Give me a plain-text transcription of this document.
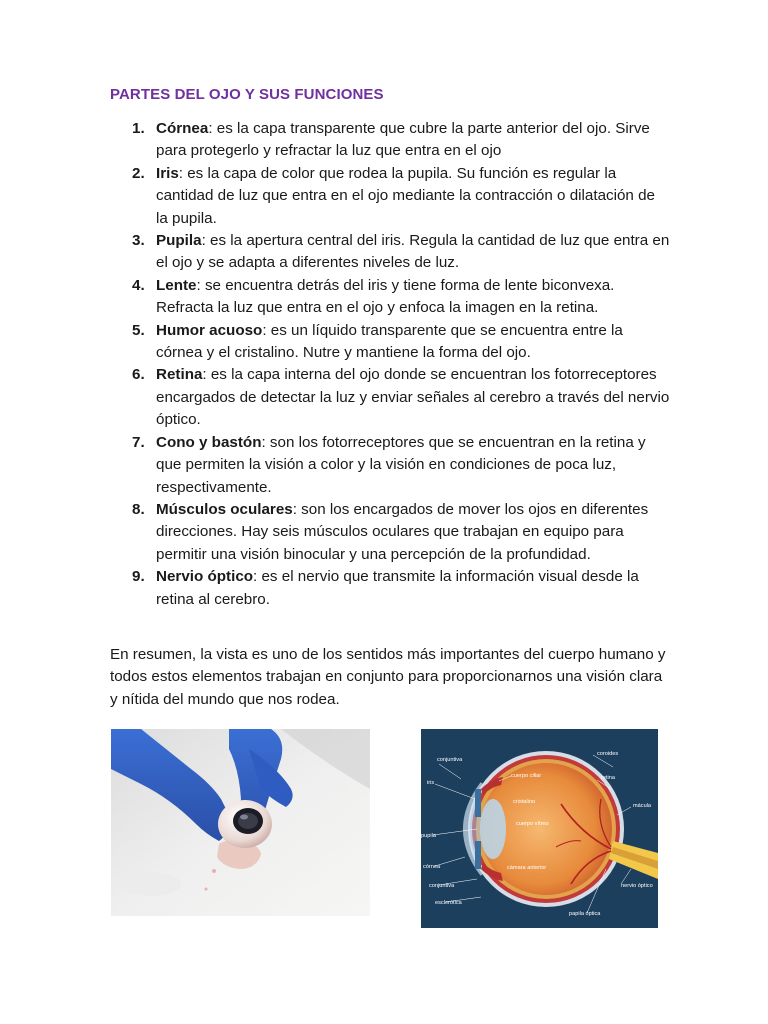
PARTES DEL OJO Y SUS FUNCIONES
1. Córnea: es la capa transparente que cubre la parte anterior del ojo. Sirve para protegerlo y refractar la luz que entra en el ojo
2. Iris: es la capa de color que rodea la pupila. Su función es regular la cantidad de luz que entra en el ojo mediante la contracción o dilatación de la pupila.
3. Pupila: es la apertura central del iris. Regula la cantidad de luz que entra en el ojo y se adapta a diferentes niveles de luz.
4. Lente: se encuentra detrás del iris y tiene forma de lente biconvexa. Refracta la luz que entra en el ojo y enfoca la imagen en la retina.
5. Humor acuoso: es un líquido transparente que se encuentra entre la córnea y el cristalino. Nutre y mantiene la forma del ojo.
6. Retina: es la capa interna del ojo donde se encuentran los fotorreceptores encargados de detectar la luz y enviar señales al cerebro a través del nervio óptico.
7. Cono y bastón: son los fotorreceptores que se encuentran en la retina y que permiten la visión a color y la visión en condiciones de poca luz, respectivamente.
8. Músculos oculares: son los encargados de mover los ojos en diferentes direcciones. Hay seis músculos oculares que trabajan en equipo para permitir una visión binocular y una percepción de la profundidad.
9. Nervio óptico: es el nervio que transmite la información visual desde la retina al cerebro.

En resumen, la vista es uno de los sentidos más importantes del cuerpo humano y todos estos elementos trabajan en conjunto para proporcionarnos una visión clara y nítida del mundo que nos rodea.

conjuntiva
iris
pupila
córnea
conjuntiva
esclerótica
cuerpo ciliar
cristalino
cuerpo vítreo
cámara anterior
coroides
retina
mácula
nervio óptico
papila óptica
